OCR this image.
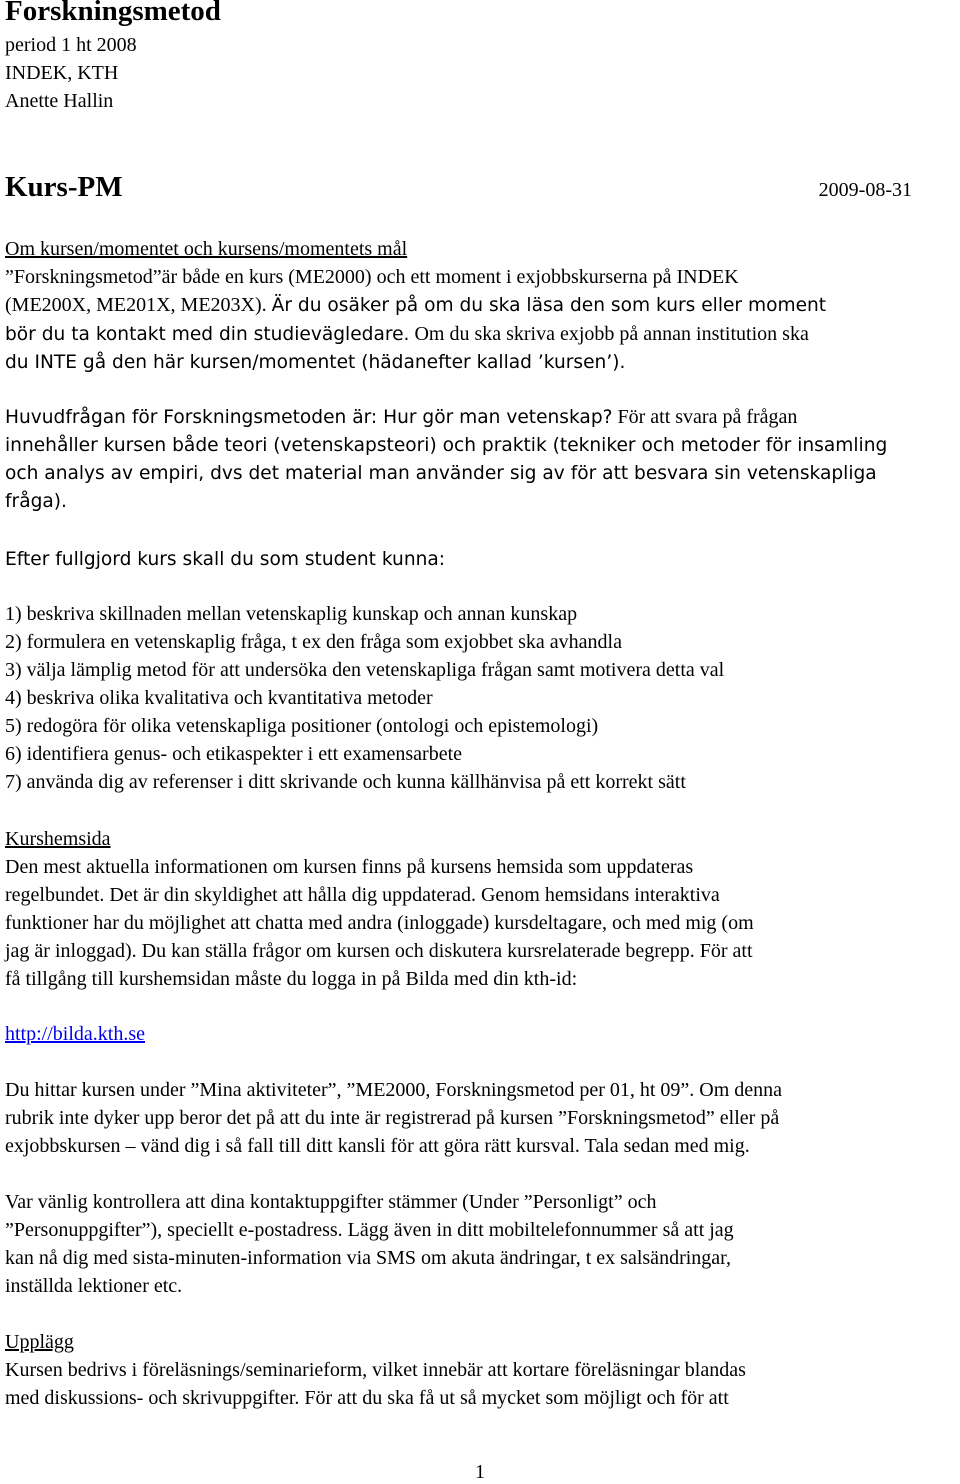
Forskningsmetod
period 1 ht 2008
INDEK, KTH
Anette Hallin
Kurs-PM	2009-08-31
Om kursen/momentet och kursens/momentets mål
”Forskningsmetod”är både en kurs (ME2000) och ett moment i exjobbskurserna på INDEK
(ME200X, ME201X, ME203X). Är du osäker på om du ska läsa den som kurs eller moment
bör du ta kontakt med din studievägledare. Om du ska skriva exjobb på annan institution ska
du INTE gå den här kursen/momentet (hädanefter kallad ’kursen’).
Huvudfrågan för Forskningsmetoden är: Hur gör man vetenskap? För att svara på frågan
innehåller kursen både teori (vetenskapsteori) och praktik (tekniker och metoder för insamling
och analys av empiri, dvs det material man använder sig av för att besvara sin vetenskapliga
fråga).
Efter fullgjord kurs skall du som student kunna:
1) beskriva skillnaden mellan vetenskaplig kunskap och annan kunskap
2) formulera en vetenskaplig fråga, t ex den fråga som exjobbet ska avhandla
3) välja lämplig metod för att undersöka den vetenskapliga frågan samt motivera detta val
4) beskriva olika kvalitativa och kvantitativa metoder
5) redogöra för olika vetenskapliga positioner (ontologi och epistemologi)
6) identifiera genus- och etikaspekter i ett examensarbete
7) använda dig av referenser i ditt skrivande och kunna källhänvisa på ett korrekt sätt
Kurshemsida
Den mest aktuella informationen om kursen finns på kursens hemsida som uppdateras
regelbundet. Det är din skyldighet att hålla dig uppdaterad. Genom hemsidans interaktiva
funktioner har du möjlighet att chatta med andra (inloggade) kursdeltagare, och med mig (om
jag är inloggad). Du kan ställa frågor om kursen och diskutera kursrelaterade begrepp. För att
få tillgång till kurshemsidan måste du logga in på Bilda med din kth-id:
http://bilda.kth.se
Du hittar kursen under ”Mina aktiviteter”, ”ME2000, Forskningsmetod per 01, ht 09”. Om denna
rubrik inte dyker upp beror det på att du inte är registrerad på kursen ”Forskningsmetod” eller på
exjobbskursen – vänd dig i så fall till ditt kansli för att göra rätt kursval. Tala sedan med mig.
Var vänlig kontrollera att dina kontaktuppgifter stämmer (Under ”Personligt” och
”Personuppgifter”), speciellt e-postadress. Lägg även in ditt mobiltelefonnummer så att jag
kan nå dig med sista-minuten-information via SMS om akuta ändringar, t ex salsändringar,
inställda lektioner etc.
Upplägg
Kursen bedrivs i föreläsnings/seminarieform, vilket innebär att kortare föreläsningar blandas
med diskussions- och skrivuppgifter. För att du ska få ut så mycket som möjligt och för att
1
